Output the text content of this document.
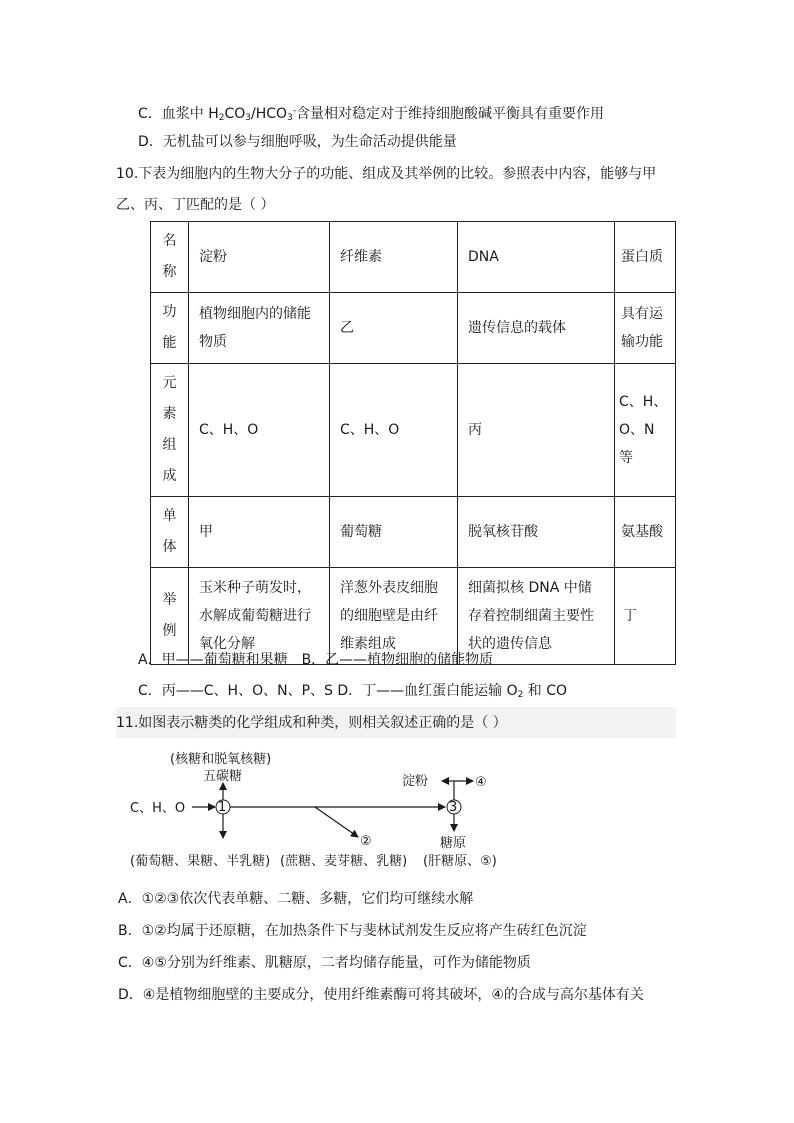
C．血浆中 $H_2CO_3/HCO_3^-$含量相对稳定对于维持细胞酸碱平衡具有重要作用
D．无机盐可以参与细胞呼吸，为生命活动提供能量
10.下表为细胞内的生物大分子的功能、组成及其举例的比较。参照表中内容，能够与甲
乙、丙、丁匹配的是（ ）
名
称	淀粉	纤维素	DNA	蛋白质
功
能	植物细胞内的储能物质	乙	遗传信息的载体	具有运输功能
元
素
组
成	C、H、O	C、H、O	丙	C、H、O、N 等
单
体	甲	葡萄糖	脱氧核苷酸	氨基酸
举
例	玉米种子萌发时，水解成葡萄糖进行氧化分解	洋葱外表皮细胞的细胞壁是由纤维素组成	细菌拟核 DNA 中储存着控制细菌主要性状的遗传信息	丁
A．甲——葡萄糖和果糖　B．乙——植物细胞的储能物质
C．丙——C、H、O、N、P、S D．丁——血红蛋白能运输 $O_2$ 和 CO
11.如图表示糖类的化学组成和种类，则相关叙述正确的是（ ）
C、H、O	1	3
(核糖和脱氧核糖)
五碳糖	淀粉	④
②	糖原
(葡萄糖、果糖、半乳糖) (蔗糖、麦芽糖、乳糖) (肝糖原、⑤)
A．①②③依次代表单糖、二糖、多糖，它们均可继续水解
B．①②均属于还原糖，在加热条件下与斐林试剂发生反应将产生砖红色沉淀
C．④⑤分别为纤维素、肌糖原，二者均储存能量，可作为储能物质
D．④是植物细胞壁的主要成分，使用纤维素酶可将其破坏，④的合成与高尔基体有关
